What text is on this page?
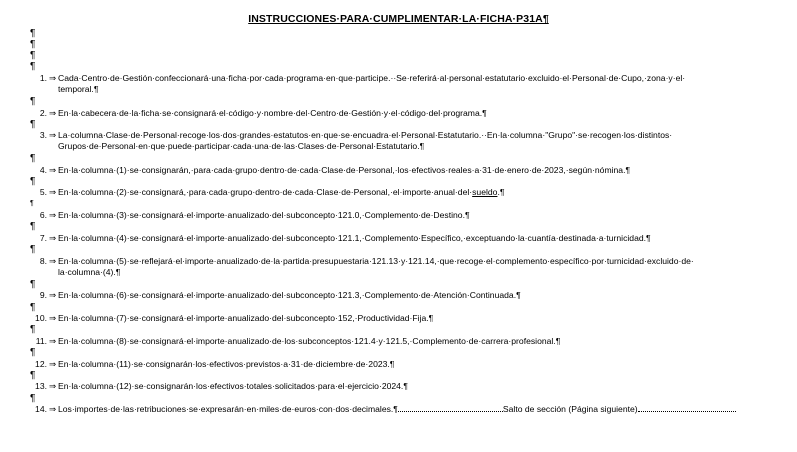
INSTRUCCIONES·PARA·CUMPLIMENTAR·LA·FICHA·P31A¶
¶
¶
¶
¶
1. ⇒ Cada·Centro·de·Gestión·confeccionará·una·ficha·por·cada·programa·en·que·participe.··Se·referirá·al·personal·estatutario·excluido·el·Personal·de·Cupo,·zona·y·el·
temporal.¶
¶
2. ⇒ En·la·cabecera·de·la·ficha·se·consignará·el·código·y·nombre·del·Centro·de·Gestión·y·el·código·del·programa.¶
¶
3. ⇒ La·columna·Clase·de·Personal·recoge·los·dos·grandes·estatutos·en·que·se·encuadra·el·Personal·Estatutario.··En·la·columna·"Grupo"·se·recogen·los·distintos·
Grupos·de·Personal·en·que·puede·participar·cada·una·de·las·Clases·de·Personal·Estatutario.¶
¶
4. ⇒ En·la·columna·(1)·se·consignarán,·para·cada·grupo·dentro·de·cada·Clase·de·Personal,·los·efectivos·reales·a·31·de·enero·de·2023,·según·nómina.¶
¶
5. ⇒ En·la·columna·(2)·se·consignará,·para·cada·grupo·dentro·de·cada·Clase·de·Personal,·el·importe·anual·del·sueldo.¶
¶
6. ⇒ En·la·columna·(3)·se·consignará·el·importe·anualizado·del·subconcepto·121.0,·Complemento·de·Destino.¶
¶
7. ⇒ En·la·columna·(4)·se·consignará·el·importe·anualizado·del·subconcepto·121.1,·Complemento·Específico,·exceptuando·la·cuantía·destinada·a·turnicidad.¶
¶
8. ⇒ En·la·columna·(5)·se·reflejará·el·importe·anualizado·de·la·partida·presupuestaria·121.13·y·121.14,·que·recoge·el·complemento·específico·por·turnicidad·excluido·de·
la·columna·(4).¶
¶
9. ⇒ En·la·columna·(6)·se·consignará·el·importe·anualizado·del·subconcepto·121.3,·Complemento·de·Atención·Continuada.¶
¶
10. ⇒ En·la·columna·(7)·se·consignará·el·importe·anualizado·del·subconcepto·152,·Productividad·Fija.¶
¶
11. ⇒ En·la·columna·(8)·se·consignará·el·importe·anualizado·de·los·subconceptos·121.4·y·121.5,·Complemento·de·carrera·profesional.¶
¶
12. ⇒ En·la·columna·(11)·se·consignarán·los·efectivos·previstos·a·31·de·diciembre·de·2023.¶
¶
13. ⇒ En·la·columna·(12)·se·consignarán·los·efectivos·totales·solicitados·para·el·ejercicio·2024.¶
¶
14. ⇒ Los·importes·de·las·retribuciones·se·expresarán·en·miles·de·euros·con·dos·decimales.¶	Salto de sección (Página siguiente)
